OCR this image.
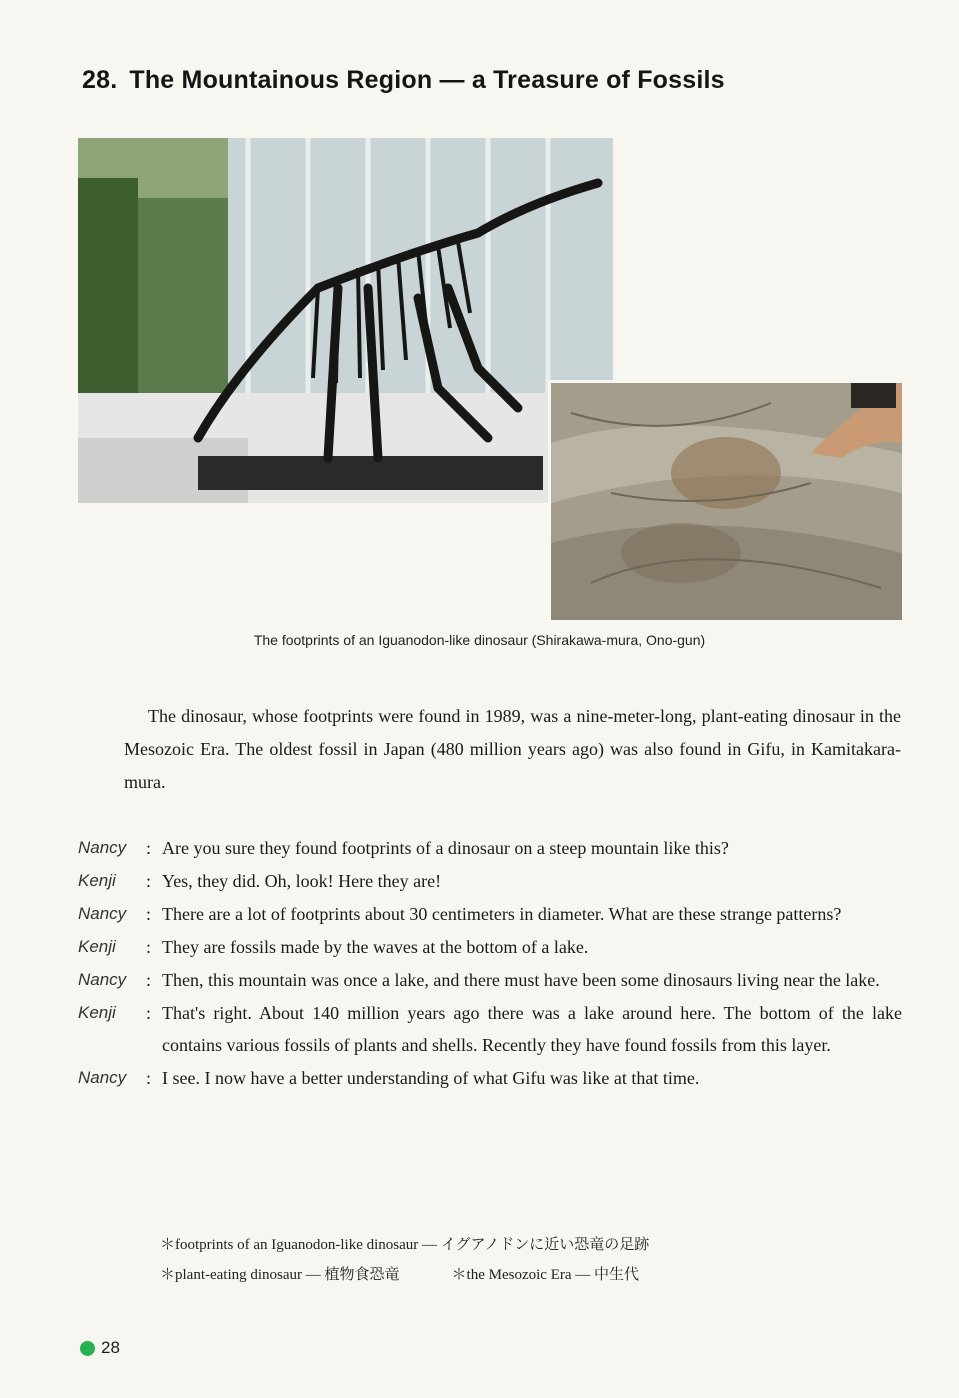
28. The Mountainous Region — a Treasure of Fossils
The footprints of an Iguanodon-like dinosaur (Shirakawa-mura, Ono-gun)

The dinosaur, whose footprints were found in 1989, was a nine-meter-long, plant-eating dinosaur in the Mesozoic Era. The oldest fossil in Japan (480 million years ago) was also found in Gifu, in Kamitakara-mura.

Nancy	: Are you sure they found footprints of a dinosaur on a steep mountain like this?
Kenji	: Yes, they did. Oh, look! Here they are!
Nancy	: There are a lot of footprints about 30 centimeters in diameter. What are these strange patterns?
Kenji	: They are fossils made by the waves at the bottom of a lake.
Nancy	: Then, this mountain was once a lake, and there must have been some dinosaurs living near the lake.
Kenji	: That's right. About 140 million years ago there was a lake around here. The bottom of the lake contains various fossils of plants and shells. Recently they have found fossils from this layer.
Nancy	: I see. I now have a better understanding of what Gifu was like at that time.
＊footprints of an Iguanodon-like dinosaur — イグアノドンに近い恐竜の足跡
＊plant-eating dinosaur — 植物食恐竜	＊the Mesozoic Era — 中生代
28
